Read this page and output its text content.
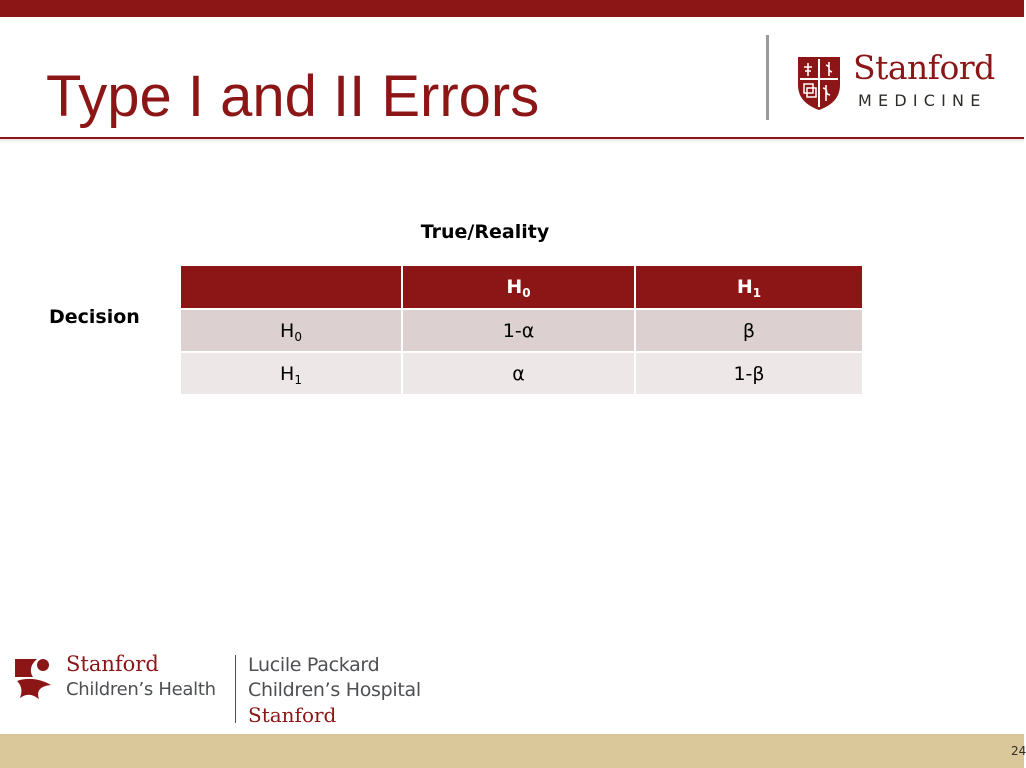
Type I and II Errors	Stanford
MEDICINE
True/Reality
Decision
	$H_0$	$H_1$
$H_0$	1-α	β
$H_1$	α	1-β
Stanford
Children’s Health
Lucile Packard
Children’s Hospital
Stanford
24
